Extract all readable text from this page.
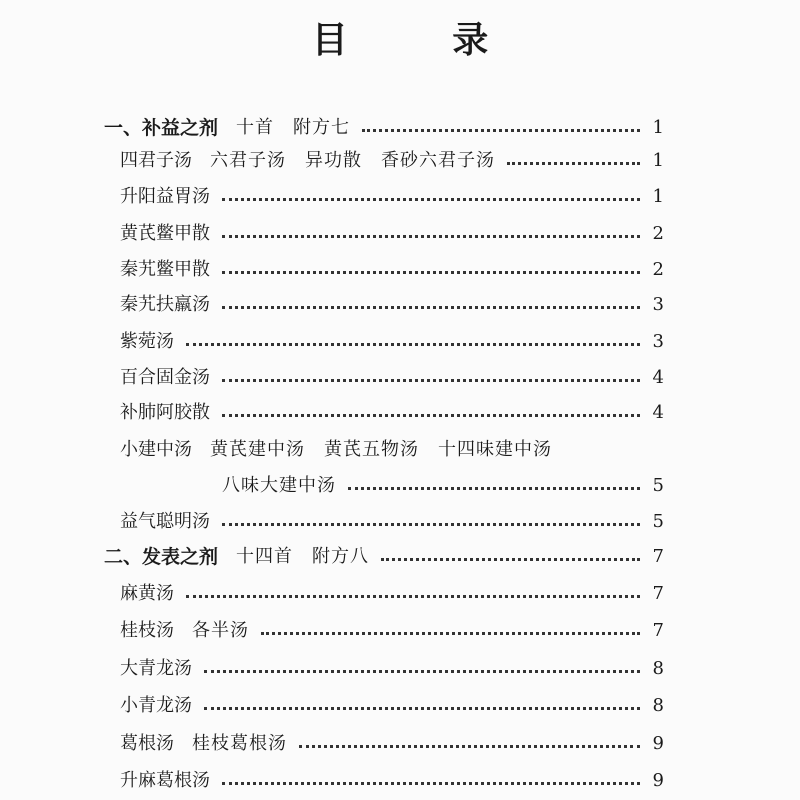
目 录
一、补益之剂 十首　附方七	1
四君子汤 六君子汤　异功散　香砂六君子汤	1
升阳益胃汤	1
黄芪鳖甲散	2
秦艽鳖甲散	2
秦艽扶羸汤	3
紫菀汤	3
百合固金汤	4
补肺阿胶散	4
小建中汤 黄芪建中汤　黄芪五物汤　十四味建中汤
八味大建中汤	5
益气聪明汤	5
二、发表之剂 十四首　附方八	7
麻黄汤	7
桂枝汤 各半汤	7
大青龙汤	8
小青龙汤	8
葛根汤 桂枝葛根汤	9
升麻葛根汤	9
